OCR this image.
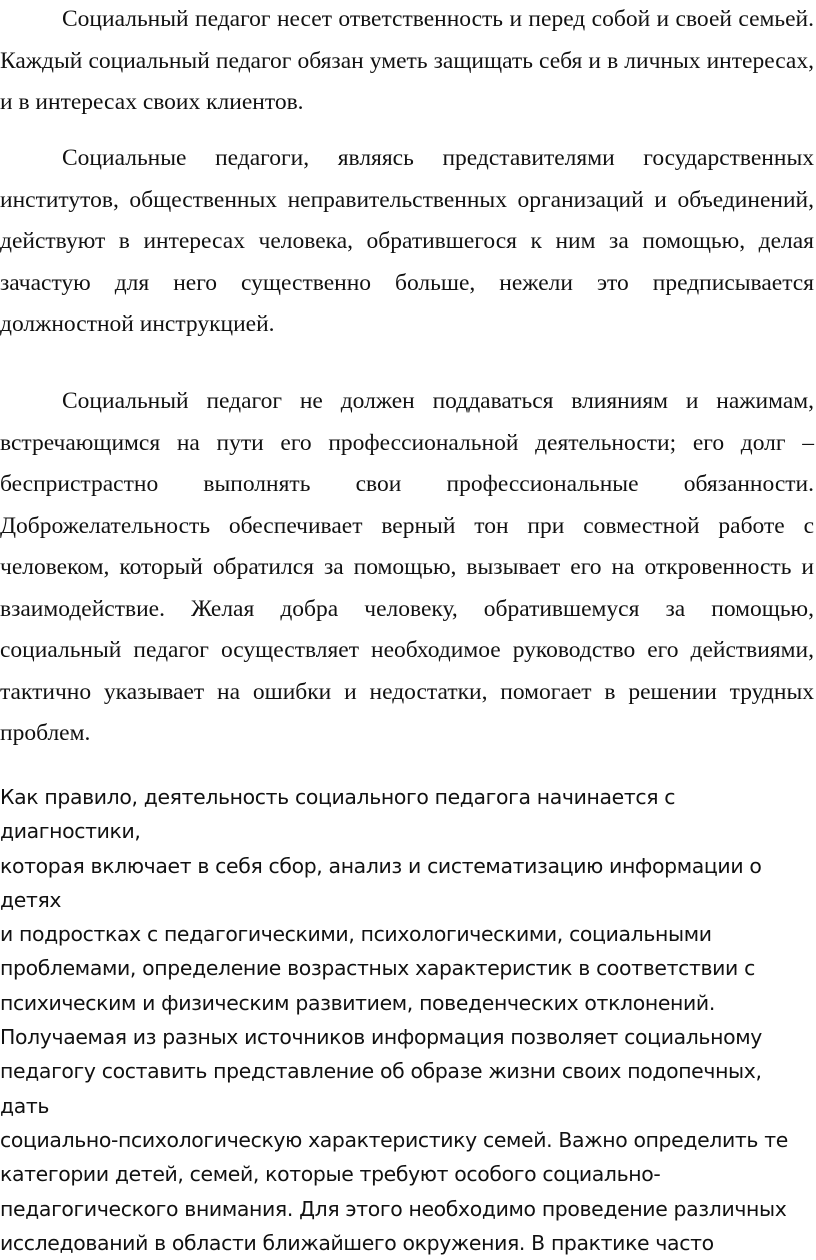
Социальный педагог несет ответственность и перед собой и своей семьей. Каждый социальный педагог обязан уметь защищать себя и в личных интересах, и в интересах своих клиентов.

Социальные педагоги, являясь представителями государственных институтов, общественных неправительственных организаций и объединений, действуют в интересах человека, обратившегося к ним за помощью, делая зачастую для него существенно больше, нежели это предписывается должностной инструкцией.

Социальный педагог не должен поддаваться влияниям и нажимам, встречающимся на пути его профессиональной деятельности; его долг – беспристрастно выполнять свои профессиональные обязанности. Доброжелательность обеспечивает верный тон при совместной работе с человеком, который обратился за помощью, вызывает его на откровенность и взаимодействие. Желая добра человеку, обратившемуся за помощью, социальный педагог осуществляет необходимое руководство его действиями, тактично указывает на ошибки и недостатки, помогает в решении трудных проблем.

Как правило, деятельность социального педагога начинается с диагностики,
которая включает в себя сбор, анализ и систематизацию информации о детях
и подростках с педагогическими, психологическими, социальными
проблемами, определение возрастных характеристик в соответствии с
психическим и физическим развитием, поведенческих отклонений.
Получаемая из разных источников информация позволяет социальному
педагогу составить представление об образе жизни своих подопечных, дать
социально-психологическую характеристику семей. Важно определить те
категории детей, семей, которые требуют особого социально-
педагогического внимания. Для этого необходимо проведение различных
исследований в области ближайшего окружения. В практике часто
